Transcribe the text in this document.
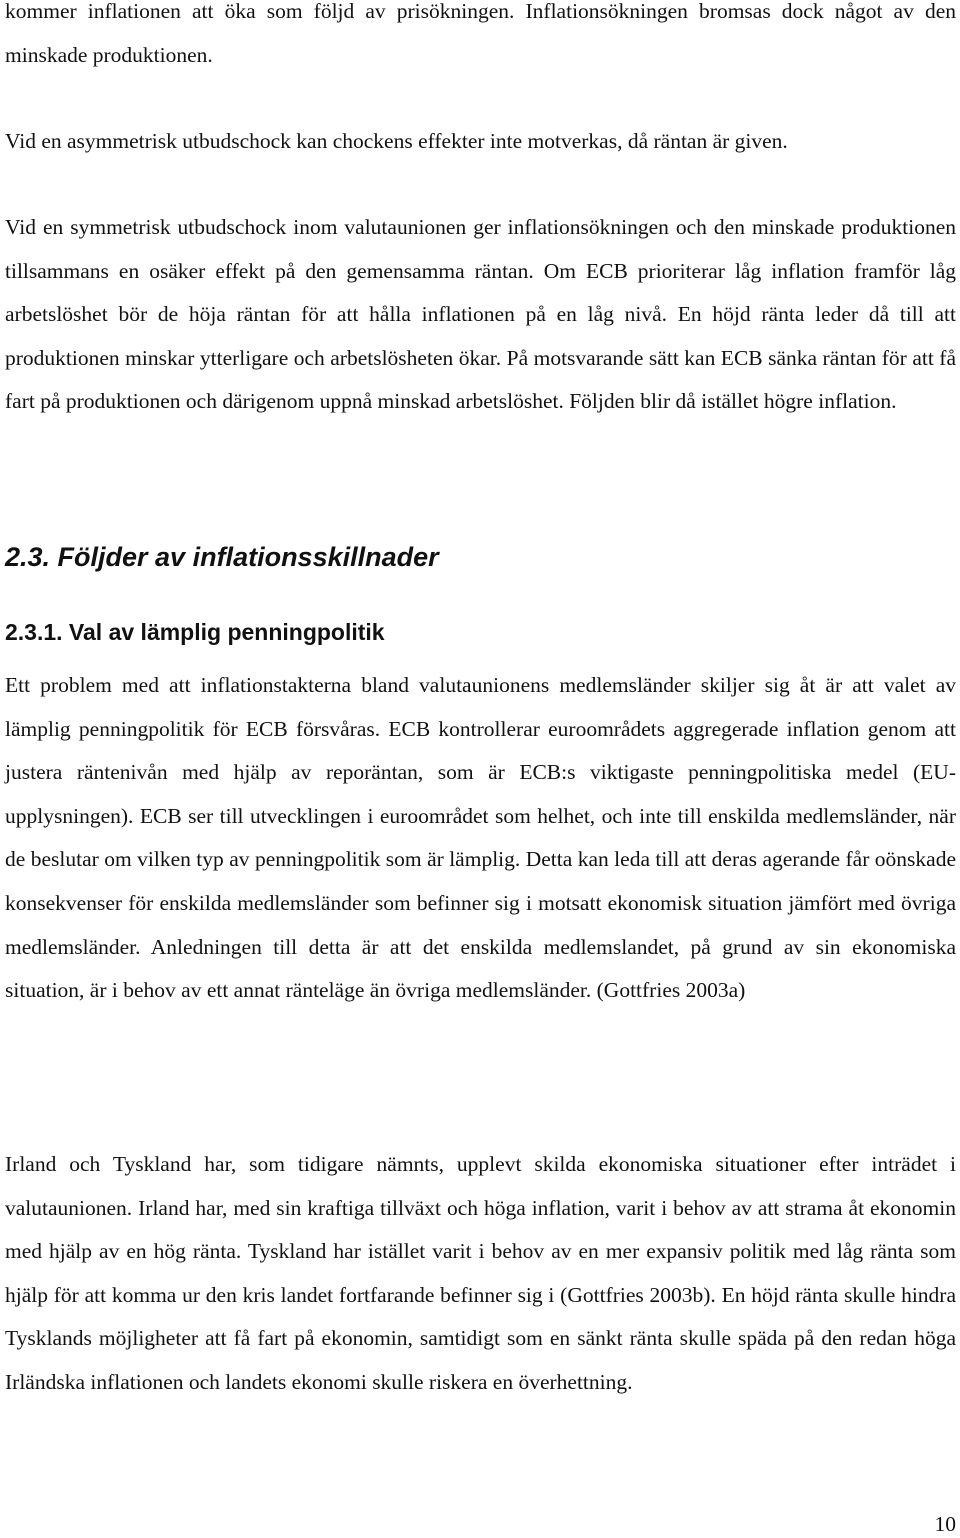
kommer inflationen att öka som följd av prisökningen. Inflationsökningen bromsas dock något av den minskade produktionen.

Vid en asymmetrisk utbudschock kan chockens effekter inte motverkas, då räntan är given.

Vid en symmetrisk utbudschock inom valutaunionen ger inflationsökningen och den minskade produktionen tillsammans en osäker effekt på den gemensamma räntan. Om ECB prioriterar låg inflation framför låg arbetslöshet bör de höja räntan för att hålla inflationen på en låg nivå. En höjd ränta leder då till att produktionen minskar ytterligare och arbetslösheten ökar. På motsvarande sätt kan ECB sänka räntan för att få fart på produktionen och därigenom uppnå minskad arbetslöshet. Följden blir då istället högre inflation.

2.3. Följder av inflationsskillnader
2.3.1. Val av lämplig penningpolitik

Ett problem med att inflationstakterna bland valutaunionens medlemsländer skiljer sig åt är att valet av lämplig penningpolitik för ECB försvåras. ECB kontrollerar euroområdets aggregerade inflation genom att justera räntenivån med hjälp av reporäntan, som är ECB:s viktigaste penningpolitiska medel (EU-upplysningen). ECB ser till utvecklingen i euroområdet som helhet, och inte till enskilda medlemsländer, när de beslutar om vilken typ av penningpolitik som är lämplig. Detta kan leda till att deras agerande får oönskade konsekvenser för enskilda medlemsländer som befinner sig i motsatt ekonomisk situation jämfört med övriga medlemsländer. Anledningen till detta är att det enskilda medlemslandet, på grund av sin ekonomiska situation, är i behov av ett annat ränteläge än övriga medlemsländer. (Gottfries 2003a)

Irland och Tyskland har, som tidigare nämnts, upplevt skilda ekonomiska situationer efter inträdet i valutaunionen. Irland har, med sin kraftiga tillväxt och höga inflation, varit i behov av att strama åt ekonomin med hjälp av en hög ränta. Tyskland har istället varit i behov av en mer expansiv politik med låg ränta som hjälp för att komma ur den kris landet fortfarande befinner sig i (Gottfries 2003b). En höjd ränta skulle hindra Tysklands möjligheter att få fart på ekonomin, samtidigt som en sänkt ränta skulle späda på den redan höga Irländska inflationen och landets ekonomi skulle riskera en överhettning.

10
